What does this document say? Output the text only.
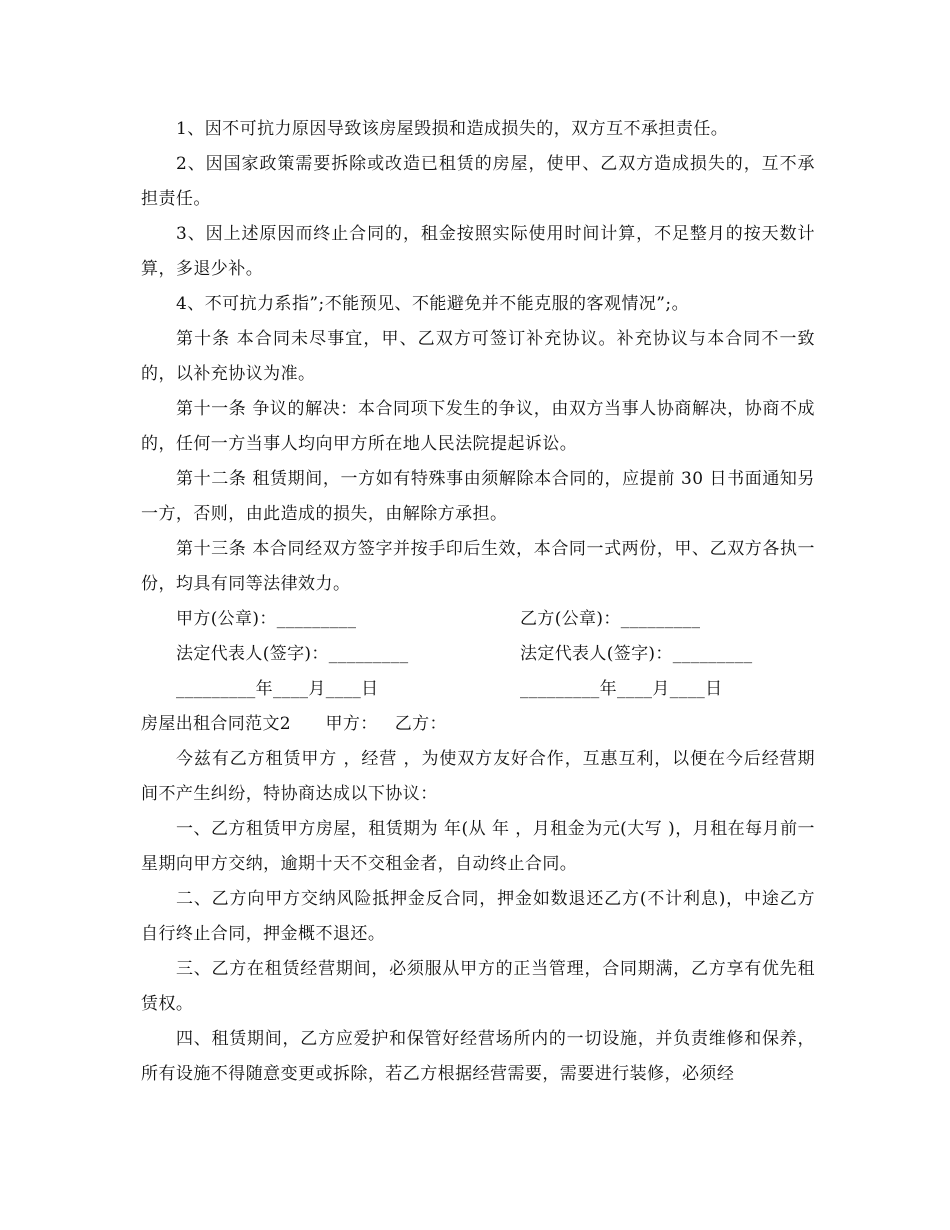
1、因不可抗力原因导致该房屋毁损和造成损失的，双方互不承担责任。

2、因国家政策需要拆除或改造已租赁的房屋，使甲、乙双方造成损失的，互不承担责任。

3、因上述原因而终止合同的，租金按照实际使用时间计算，不足整月的按天数计算，多退少补。

4、不可抗力系指”;不能预见、不能避免并不能克服的客观情况”;。

第十条 本合同未尽事宜，甲、乙双方可签订补充协议。补充协议与本合同不一致的，以补充协议为准。

第十一条 争议的解决：本合同项下发生的争议，由双方当事人协商解决，协商不成的，任何一方当事人均向甲方所在地人民法院提起诉讼。

第十二条 租赁期间，一方如有特殊事由须解除本合同的，应提前 30 日书面通知另一方，否则，由此造成的损失，由解除方承担。

第十三条 本合同经双方签字并按手印后生效，本合同一式两份，甲、乙双方各执一份，均具有同等法律效力。

甲方(公章)：_________	乙方(公章)：_________
法定代表人(签字)：_________	法定代表人(签字)：_________
_________年____月____日	_________年____月____日
房屋出租合同范文2      甲方：   乙方：

今兹有乙方租赁甲方 ，经营 ，为使双方友好合作，互惠互利，以便在今后经营期间不产生纠纷，特协商达成以下协议：

一、乙方租赁甲方房屋，租赁期为 年(从 年 ，月租金为元(大写 )，月租在每月前一星期向甲方交纳，逾期十天不交租金者，自动终止合同。

二、乙方向甲方交纳风险抵押金反合同，押金如数退还乙方(不计利息)，中途乙方自行终止合同，押金概不退还。

三、乙方在租赁经营期间，必须服从甲方的正当管理，合同期满，乙方享有优先租赁权。

四、租赁期间，乙方应爱护和保管好经营场所内的一切设施，并负责维修和保养，所有设施不得随意变更或拆除，若乙方根据经营需要，需要进行装修，必须经
